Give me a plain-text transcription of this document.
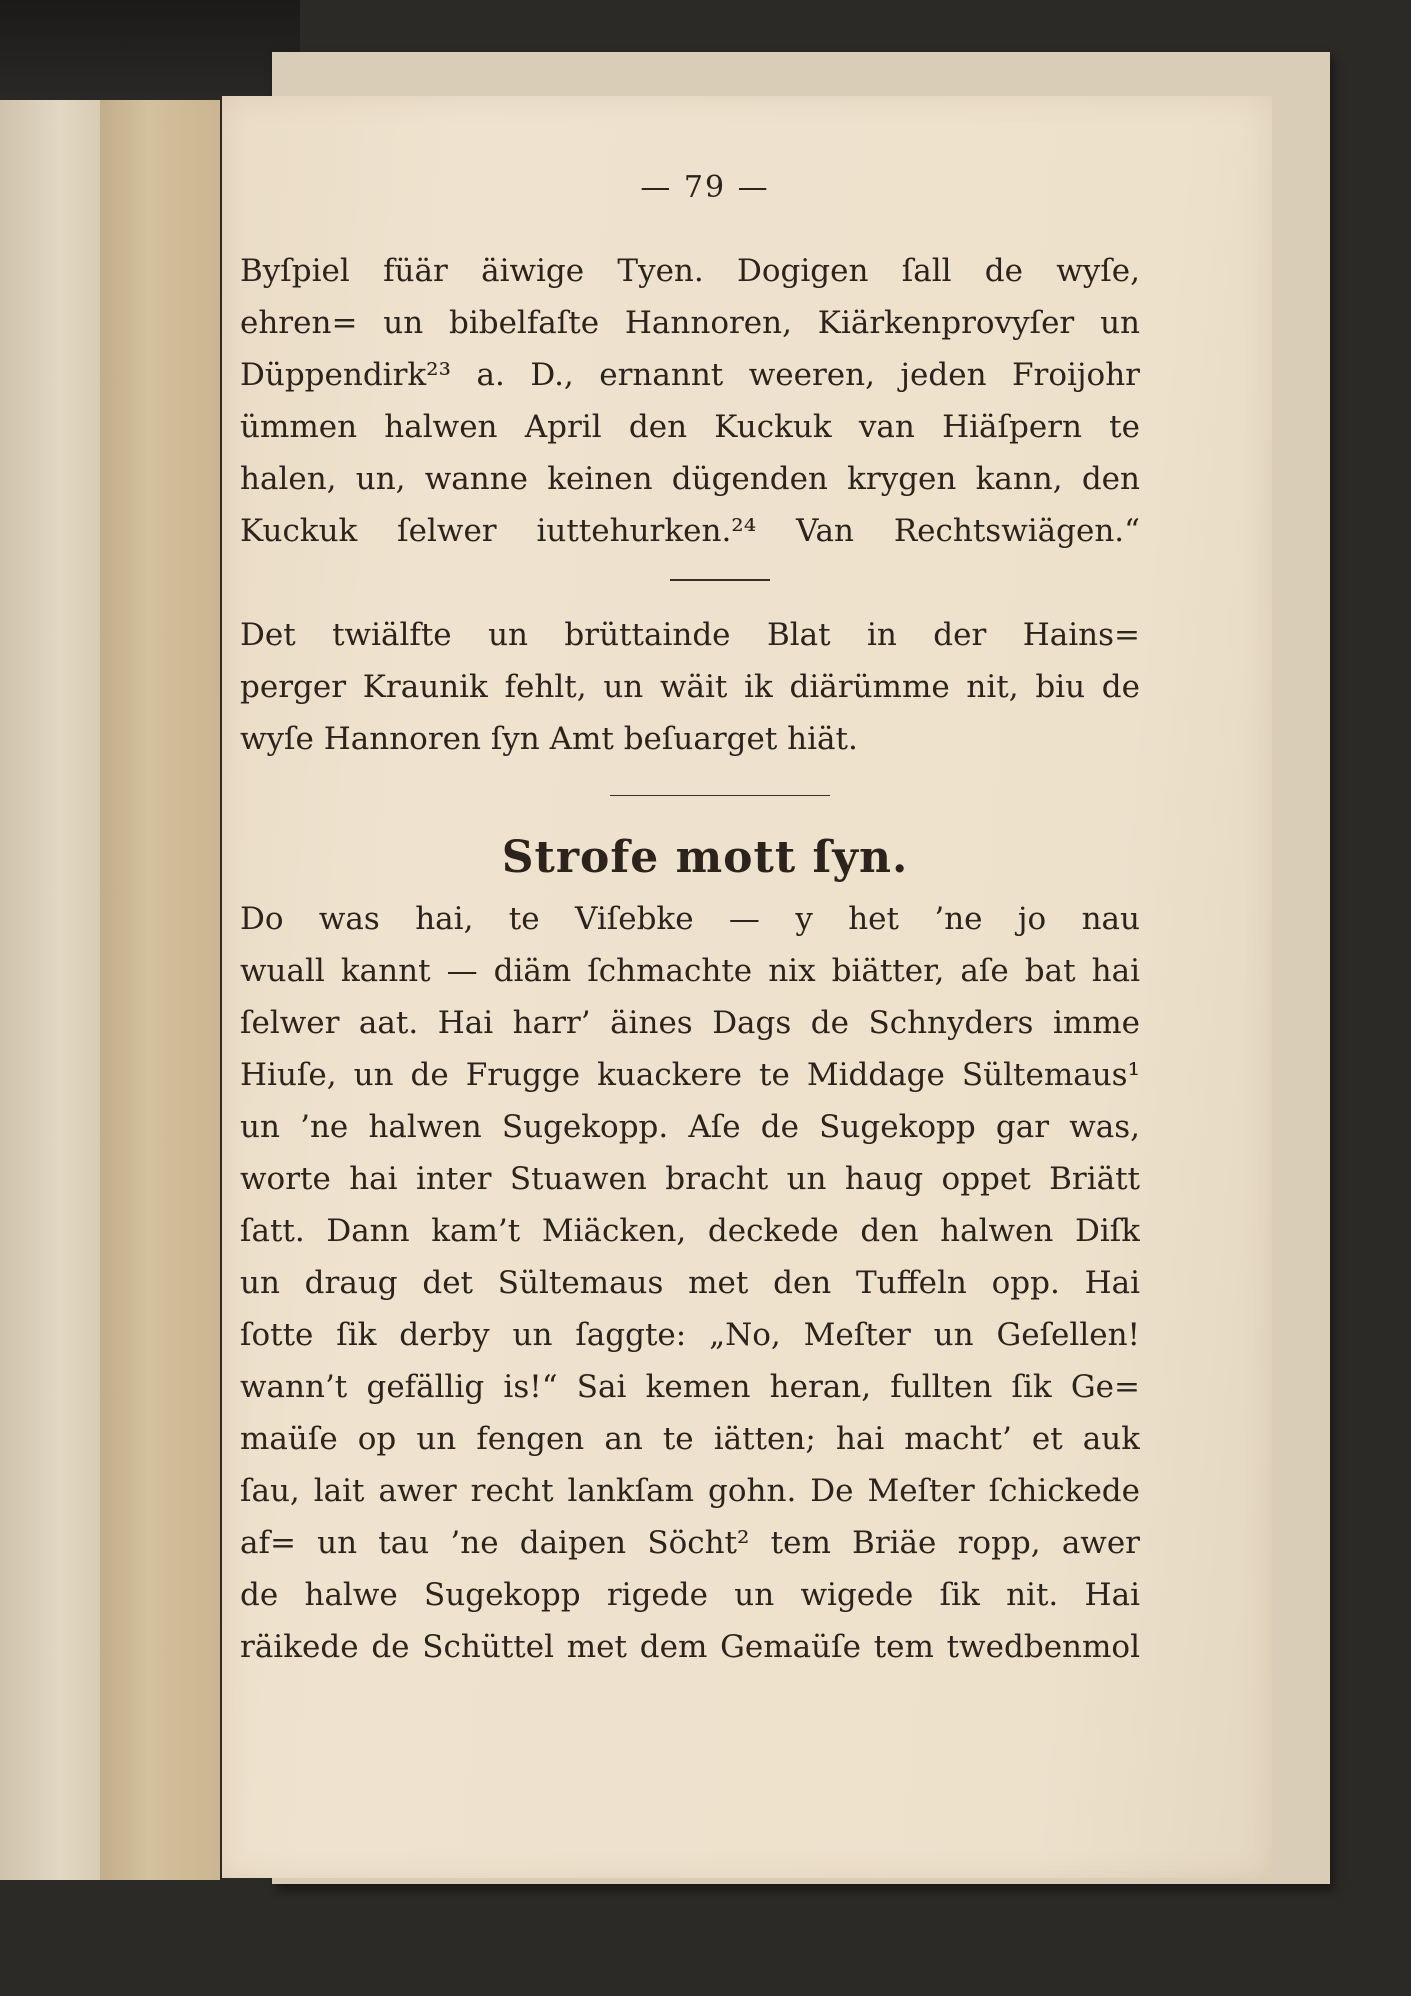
— 79 —
Byſpiel füär äiwige Tyen. Dogigen ſall de wyſe,
ehren= un bibelfaſte Hannoren, Kiärkenprovyſer un
Düppendirk²³ a. D., ernannt weeren, jeden Froijohr
ümmen halwen April den Kuckuk van Hiäſpern te
halen, un, wanne keinen dügenden krygen kann, den
Kuckuk ſelwer iuttehurken.²⁴ Van Rechtswiägen.“
Det twiälfte un brüttainde Blat in der Hains=
perger Kraunik fehlt, un wäit ik diärümme nit, biu de
wyſe Hannoren ſyn Amt beſuarget hiät.
Strofe mott ſyn.
Do was hai, te Viſebke — y het ’ne jo nau
wuall kannt — diäm ſchmachte nix biätter, aſe bat hai
ſelwer aat. Hai harr’ äines Dags de Schnyders imme
Hiuſe, un de Frugge kuackere te Middage Sültemaus¹
un ’ne halwen Sugekopp. Aſe de Sugekopp gar was,
worte hai inter Stuawen bracht un haug oppet Briätt
ſatt. Dann kam’t Miäcken, deckede den halwen Diſk
un draug det Sültemaus met den Tuffeln opp. Hai
ſotte ſik derby un ſaggte: „No, Meſter un Geſellen!
wann’t gefällig is!“ Sai kemen heran, fullten ſik Ge=
maüſe op un fengen an te iätten; hai macht’ et auk
ſau, lait awer recht lankſam gohn. De Meſter ſchickede
af= un tau ’ne daipen Söcht² tem Briäe ropp, awer
de halwe Sugekopp rigede un wigede ſik nit. Hai
räikede de Schüttel met dem Gemaüſe tem twedbenmol
